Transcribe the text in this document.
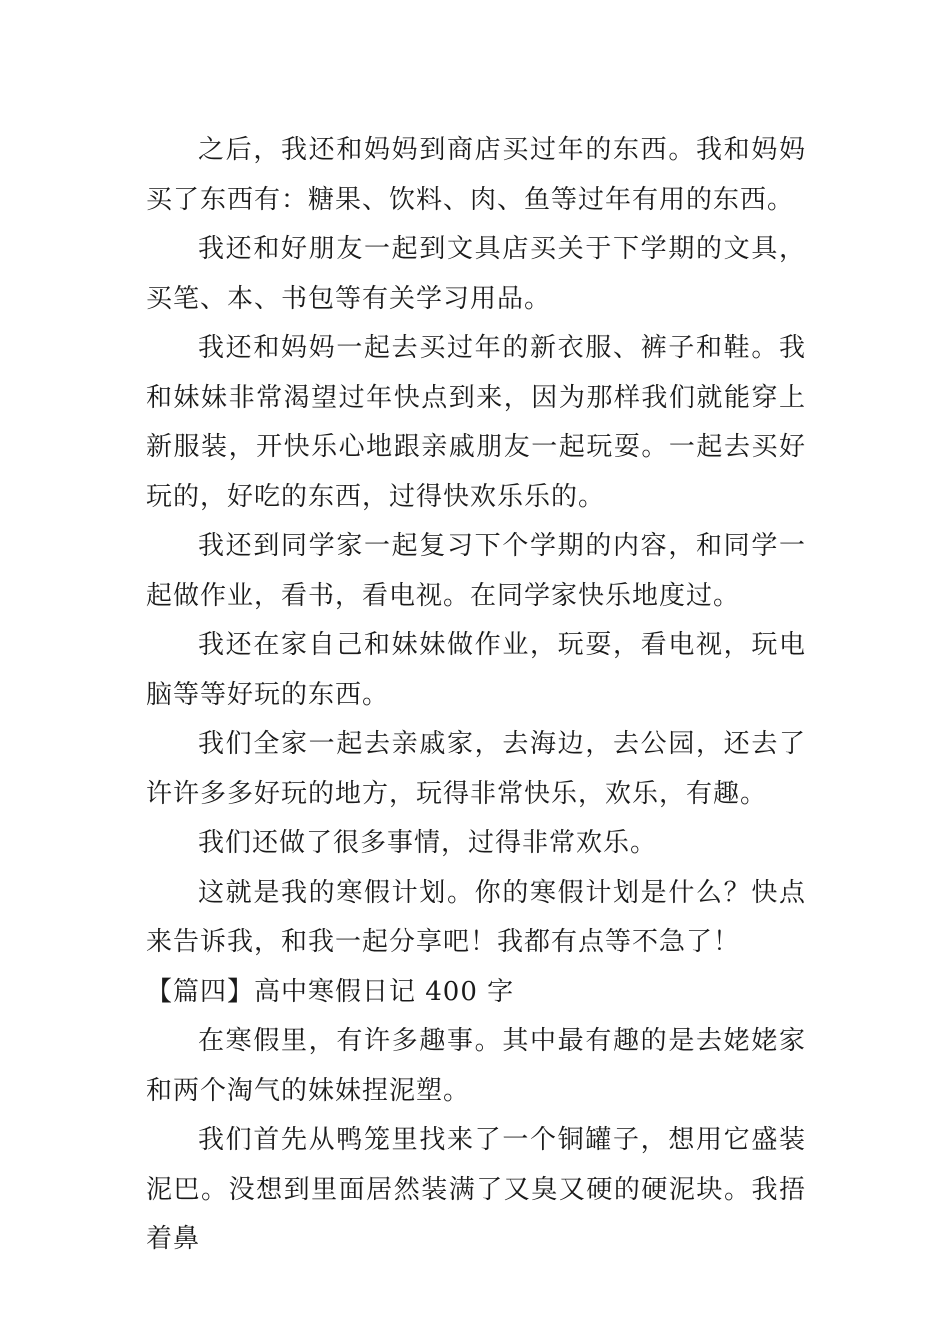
之后，我还和妈妈到商店买过年的东西。我和妈妈买了东西有：糖果、饮料、肉、鱼等过年有用的东西。

我还和好朋友一起到文具店买关于下学期的文具，买笔、本、书包等有关学习用品。

我还和妈妈一起去买过年的新衣服、裤子和鞋。我和妹妹非常渴望过年快点到来，因为那样我们就能穿上新服装，开快乐心地跟亲戚朋友一起玩耍。一起去买好玩的，好吃的东西，过得快欢乐乐的。

我还到同学家一起复习下个学期的内容，和同学一起做作业，看书，看电视。在同学家快乐地度过。

我还在家自己和妹妹做作业，玩耍，看电视，玩电脑等等好玩的东西。

我们全家一起去亲戚家，去海边，去公园，还去了许许多多好玩的地方，玩得非常快乐，欢乐，有趣。

我们还做了很多事情，过得非常欢乐。

这就是我的寒假计划。你的寒假计划是什么？快点来告诉我，和我一起分享吧！我都有点等不急了！

【篇四】高中寒假日记 400 字

在寒假里，有许多趣事。其中最有趣的是去姥姥家和两个淘气的妹妹捏泥塑。

我们首先从鸭笼里找来了一个铜罐子，想用它盛装泥巴。没想到里面居然装满了又臭又硬的硬泥块。我捂着鼻
